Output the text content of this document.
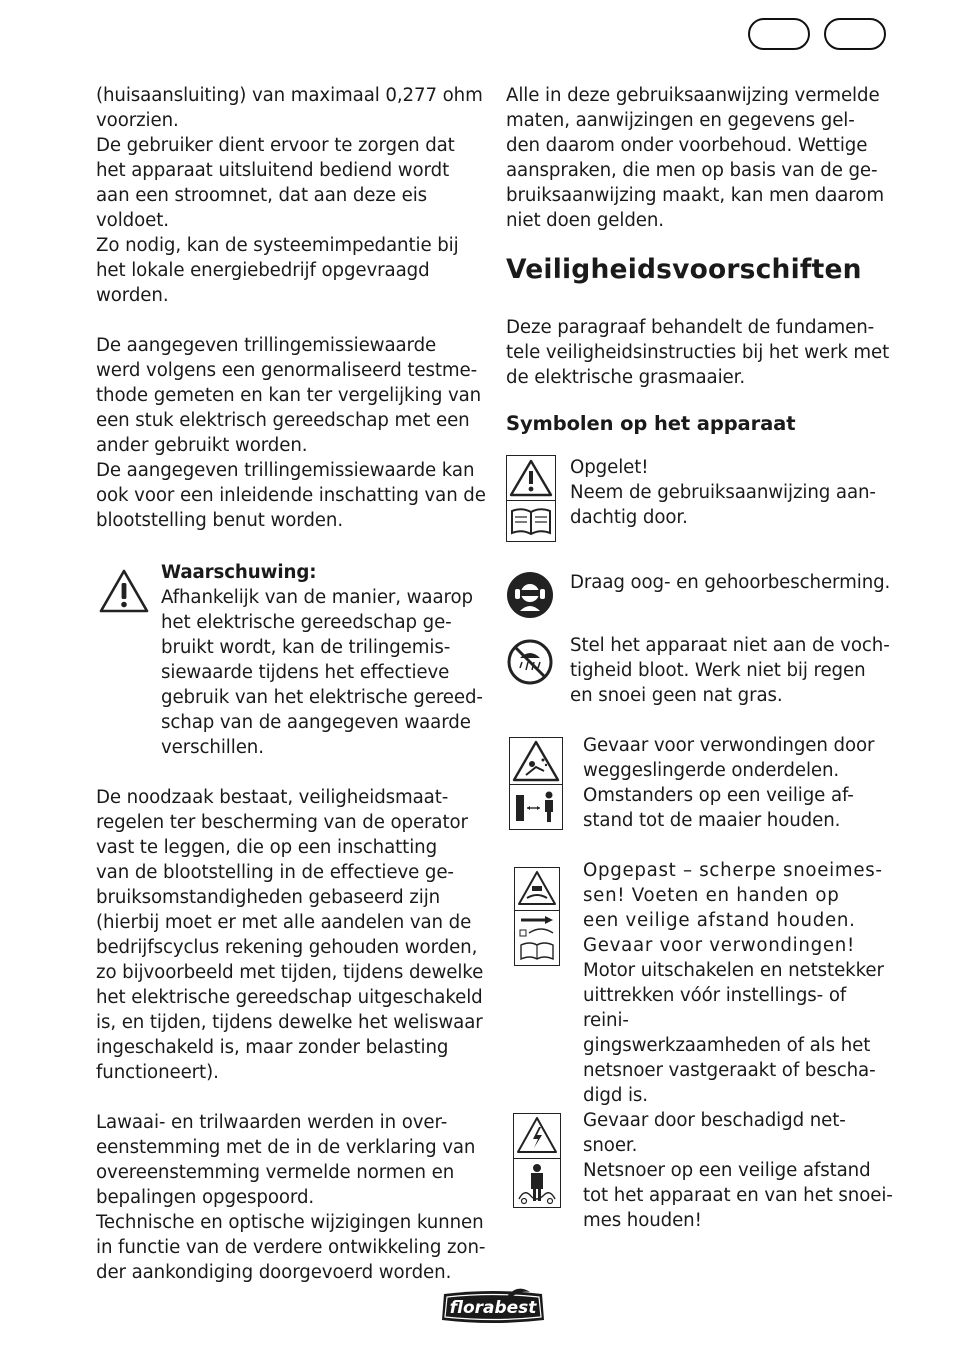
(huisaansluiting) van maximaal 0,277 ohm

voorzien.

De gebruiker dient ervoor te zorgen dat

het apparaat uitsluitend bediend wordt

aan een stroomnet, dat aan deze eis

voldoet.

Zo nodig, kan de systeemimpedantie bij

het lokale energiebedrijf opgevraagd

worden.

De aangegeven trillingemissiewaarde

werd volgens een genormaliseerd testme-

thode gemeten en kan ter vergelijking van

een stuk elektrisch gereedschap met een

ander gebruikt worden.

De aangegeven trillingemissiewaarde kan

ook voor een inleidende inschatting van de

blootstelling benut worden.

Waarschuwing:

Afhankelijk van de manier, waarop

het elektrische gereedschap ge-

bruikt wordt, kan de trilingemis-

siewaarde tijdens het effectieve

gebruik van het elektrische gereed-

schap van de aangegeven waarde

verschillen.

De noodzaak bestaat, veiligheidsmaat-

regelen ter bescherming van de operator

vast te leggen, die op een inschatting

van de blootstelling in de effectieve ge-

bruiksomstandigheden gebaseerd zijn

(hierbij moet er met alle aandelen van de

bedrijfscyclus rekening gehouden worden,

zo bijvoorbeeld met tijden, tijdens dewelke

het elektrische gereedschap uitgeschakeld

is, en tijden, tijdens dewelke het weliswaar

ingeschakeld is, maar zonder belasting

functioneert).

Lawaai- en trilwaarden werden in over-

eenstemming met de in de verklaring van

overeenstemming vermelde normen en

bepalingen opgespoord.

Technische en optische wijzigingen kunnen

in functie van de verdere ontwikkeling zon-

der aankondiging doorgevoerd worden.

Alle in deze gebruiksaanwijzing vermelde

maten, aanwijzingen en gegevens gel-

den daarom onder voorbehoud. Wettige

aanspraken, die men op basis van de ge-

bruiksaanwijzing maakt, kan men daarom

niet doen gelden.

Veiligheidsvoorschiften

Deze paragraaf behandelt de fundamen-

tele veiligheidsinstructies bij het werk met

de elektrische grasmaaier.

Symbolen op het apparaat

Opgelet!

Neem de gebruiksaanwijzing aan-

dachtig door.

Draag oog- en gehoorbescherming.

Stel het apparaat niet aan de voch-

tigheid bloot. Werk niet bij regen

en snoei geen nat gras.

Gevaar voor verwondingen door

weggeslingerde onderdelen.

Omstanders op een veilige af-

stand tot de maaier houden.

Opgepast – scherpe snoeimes-

sen! Voeten en handen op

een veilige afstand houden.

Gevaar voor verwondingen!

Motor uitschakelen en netstekker

uittrekken vóór instellings- of reini-

gingswerkzaamheden of als het

netsnoer vastgeraakt of bescha-

digd is.

Gevaar door beschadigd net-

snoer.

Netsnoer op een veilige afstand

tot het apparaat en van het snoei-

mes houden!

florabest
